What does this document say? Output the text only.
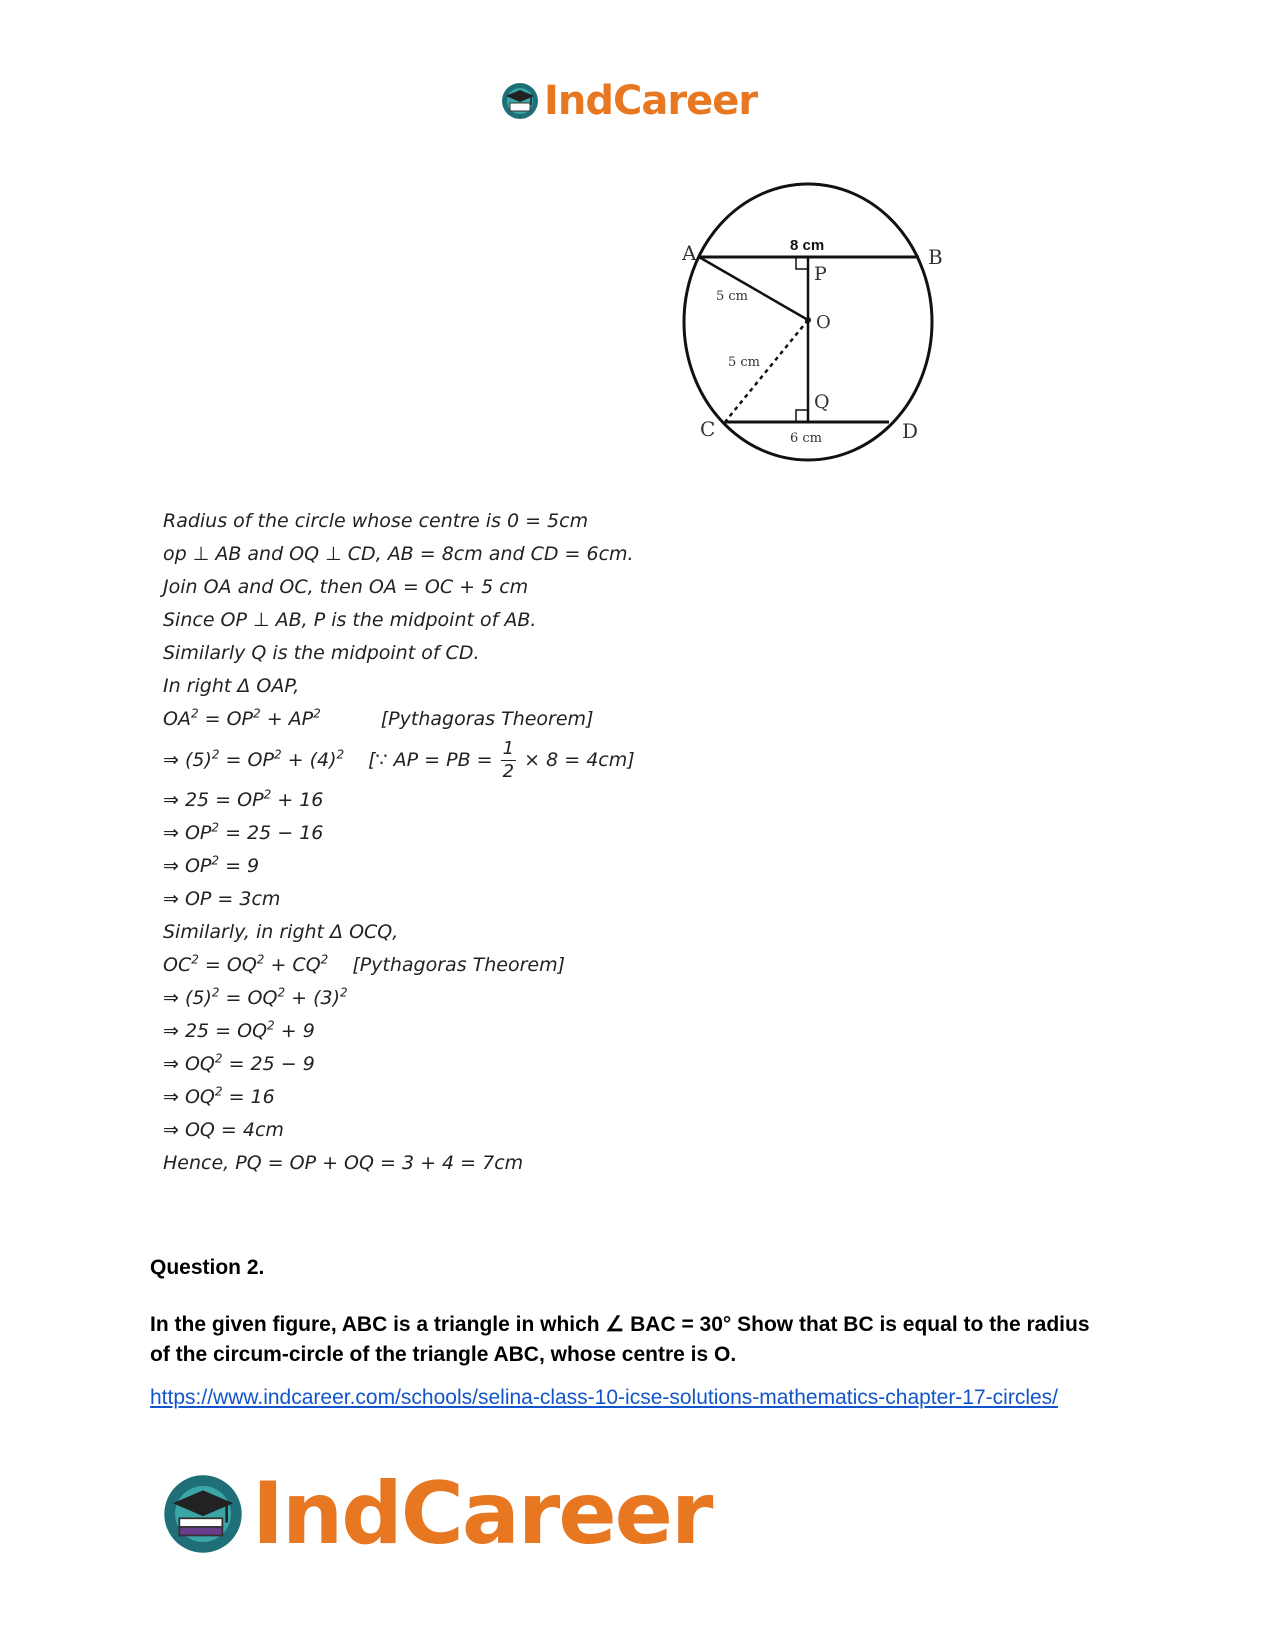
IndCareer
A	B
C	D
O
P
Q
8 cm
6 cm
5 cm
5 cm
Radius of the circle whose centre is 0 = 5cm
op ⊥ AB and OQ ⊥ CD, AB = 8cm and CD = 6cm.
Join OA and OC, then OA = OC + 5 cm
Since OP ⊥ AB, P is the midpoint of AB.
Similarly Q is the midpoint of CD.
In right Δ OAP,
$OA^2 = OP^2 + AP^2$	[Pythagoras Theorem]
⇒ $(5)^2 = OP^2 + (4)^2$ [∵ AP = PB = $\frac{1}{2} \times 8 = 4cm$]
⇒ $25 = OP^2 + 16$
⇒ $OP^2 = 25 - 16$
⇒ $OP^2 = 9$
⇒ OP = 3cm
Similarly, in right Δ OCQ,
$OC^2 = OQ^2 + CQ^2$ [Pythagoras Theorem]
⇒ $(5)^2 = OQ^2 + (3)^2$
⇒ $25 = OQ^2 + 9$
⇒ $OQ^2 = 25 - 9$
⇒ $OQ^2 = 16$
⇒ OQ = 4cm
Hence, PQ = OP + OQ = 3 + 4 = 7cm
Question 2.
In the given figure, ABC is a triangle in which ∠ BAC = 30° Show that BC is equal to the radius of the circum-circle of the triangle ABC, whose centre is O.
https://www.indcareer.com/schools/selina-class-10-icse-solutions-mathematics-chapter-17-circles/
IndCareer
